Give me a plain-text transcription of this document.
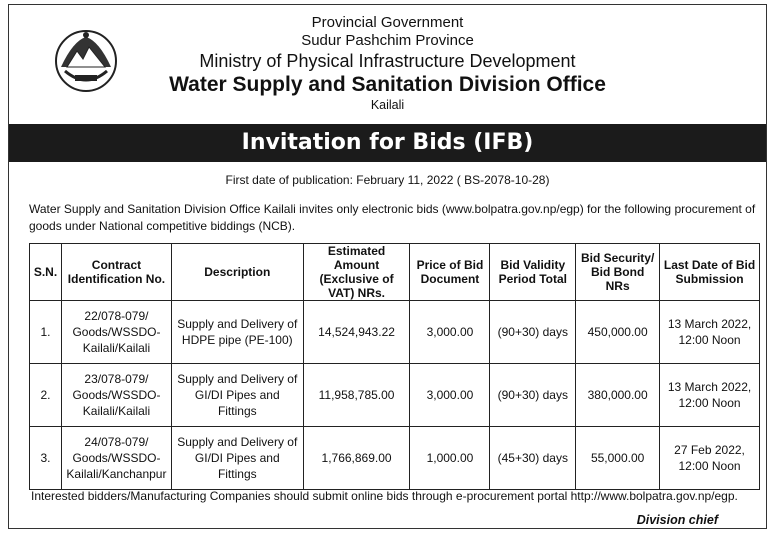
Provincial Government
Sudur Pashchim Province
Ministry of Physical Infrastructure Development
Water Supply and Sanitation Division Office
Kailali
Invitation for Bids (IFB)
First date of publication: February 11, 2022 ( BS-2078-10-28)
Water Supply and Sanitation Division Office Kailali invites only electronic bids (www.bolpatra.gov.np/egp) for the following procurement of goods under National competitive biddings (NCB).
S.N.	Contract Identification No.	Description	Estimated Amount (Exclusive of VAT) NRs.	Price of Bid Document	Bid Validity Period Total	Bid Security/ Bid Bond NRs	Last Date of Bid Submission
1.	22/078-079/ Goods/WSSDO- Kailali/Kailali	Supply and Delivery of HDPE pipe (PE-100)	14,524,943.22	3,000.00	(90+30) days	450,000.00	13 March 2022, 12:00 Noon
2.	23/078-079/ Goods/WSSDO- Kailali/Kailali	Supply and Delivery of GI/DI Pipes and Fittings	11,958,785.00	3,000.00	(90+30) days	380,000.00	13 March 2022, 12:00 Noon
3.	24/078-079/ Goods/WSSDO- Kailali/Kanchanpur	Supply and Delivery of GI/DI Pipes and Fittings	1,766,869.00	1,000.00	(45+30) days	55,000.00	27 Feb 2022, 12:00 Noon
Interested bidders/Manufacturing Companies should submit online bids through e-procurement portal http://www.bolpatra.gov.np/egp.
Division chief
